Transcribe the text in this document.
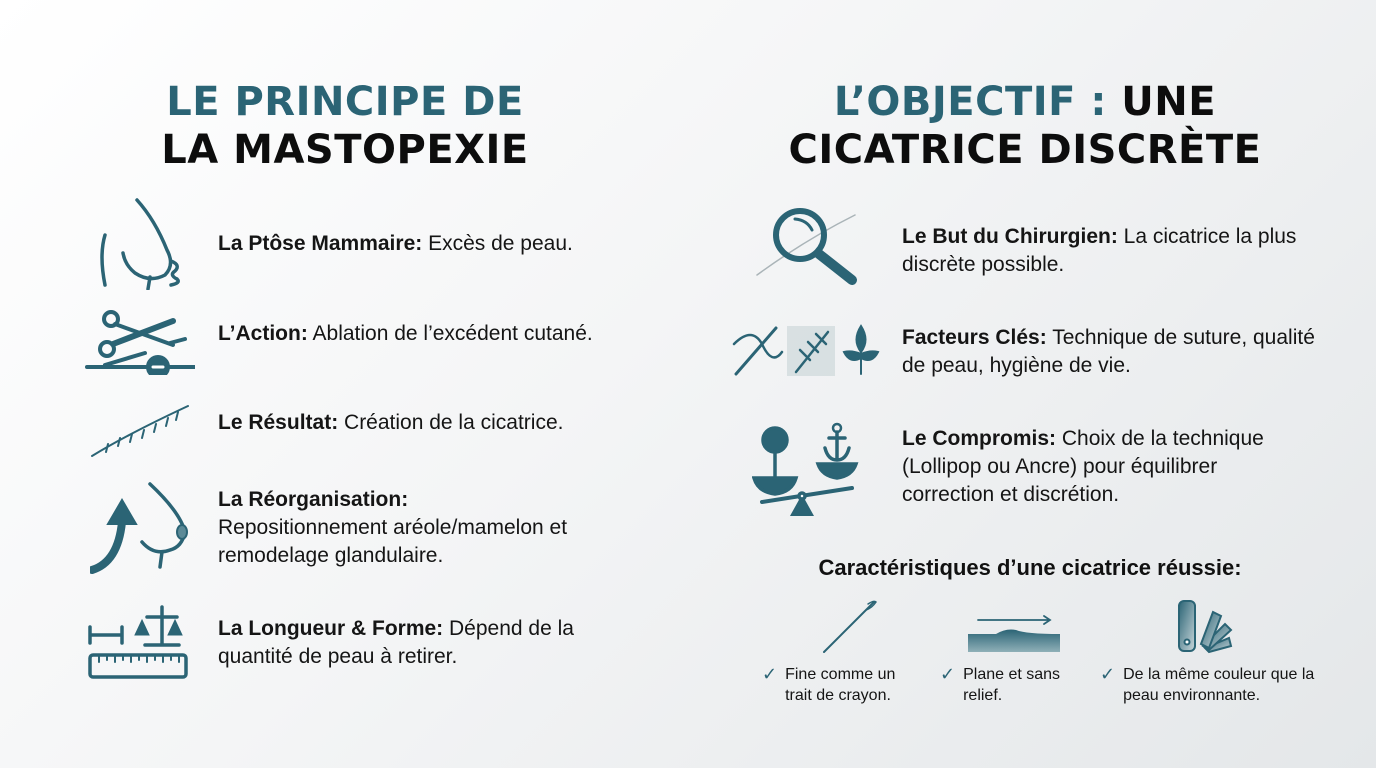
LE PRINCIPE DE
LA MASTOPEXIE
L’OBJECTIF : UNE
CICATRICE DISCRÈTE
La Ptôse Mammaire: Excès de peau.
L’Action: Ablation de l’excédent cutané.
Le Résultat: Création de la cicatrice.
La Réorganisation:
Repositionnement aréole/mamelon et remodelage glandulaire.
La Longueur & Forme: Dépend de la quantité de peau à retirer.
Le But du Chirurgien: La cicatrice la plus discrète possible.
Facteurs Clés: Technique de suture, qualité de peau, hygiène de vie.
Le Compromis: Choix de la technique (Lollipop ou Ancre) pour équilibrer correction et discrétion.
Caractéristiques d’une cicatrice réussie:
✓ Fine comme un trait de crayon.
✓ Plane et sans relief.
✓ De la même couleur que la peau environnante.
